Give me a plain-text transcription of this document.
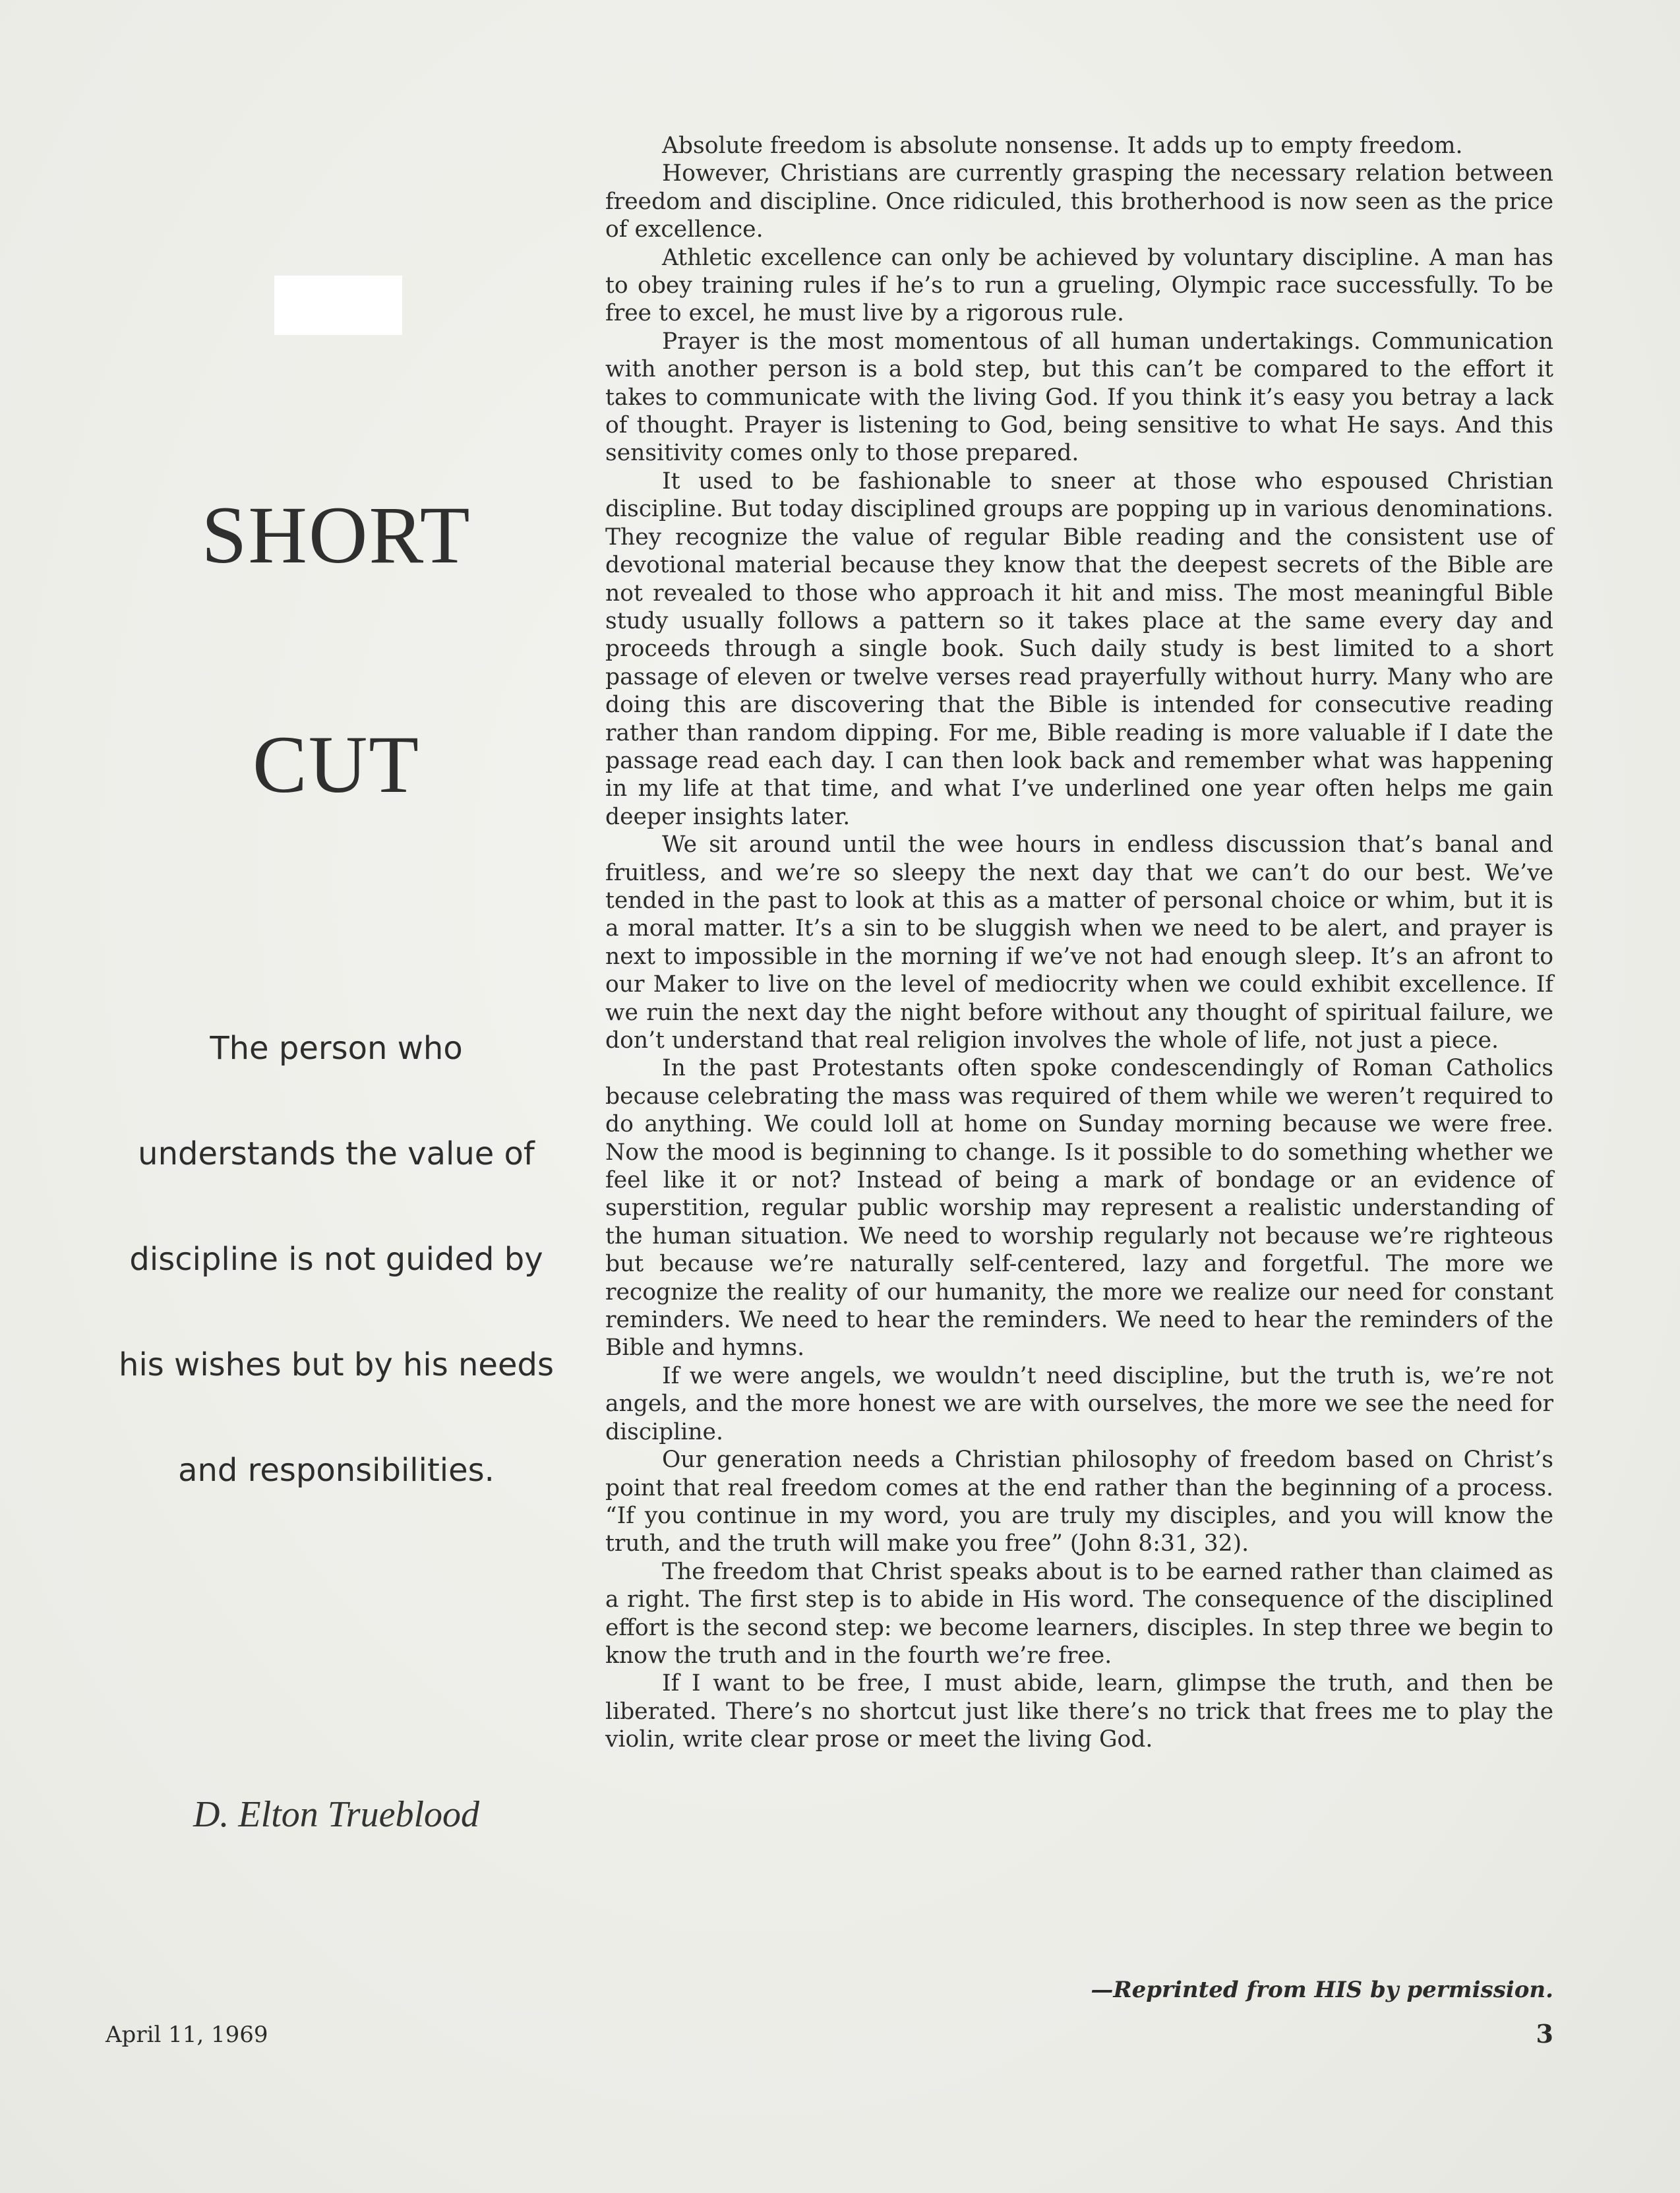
SHORT
CUT
The person who
understands the value of
discipline is not guided by
his wishes but by his needs
and responsibilities.
D. Elton Trueblood

Absolute freedom is absolute nonsense. It adds up to empty freedom.

However, Christians are currently grasping the necessary relation between freedom and discipline. Once ridiculed, this brotherhood is now seen as the price of excellence.

Athletic excellence can only be achieved by voluntary discipline. A man has to obey training rules if he’s to run a grueling, Olympic race successfully. To be free to excel, he must live by a rigorous rule.

Prayer is the most momentous of all human undertakings. Communication with another person is a bold step, but this can’t be compared to the effort it takes to communicate with the living God. If you think it’s easy you betray a lack of thought. Prayer is listening to God, being sensitive to what He says. And this sensitivity comes only to those prepared.

It used to be fashionable to sneer at those who espoused Christian discipline. But today disciplined groups are popping up in various denominations. They recognize the value of regular Bible reading and the consistent use of devotional material because they know that the deepest secrets of the Bible are not revealed to those who approach it hit and miss. The most meaningful Bible study usually follows a pattern so it takes place at the same every day and proceeds through a single book. Such daily study is best limited to a short passage of eleven or twelve verses read prayerfully without hurry. Many who are doing this are discovering that the Bible is intended for consecutive reading rather than random dipping. For me, Bible reading is more valuable if I date the passage read each day. I can then look back and remember what was happening in my life at that time, and what I’ve underlined one year often helps me gain deeper insights later.

We sit around until the wee hours in endless discussion that’s banal and fruitless, and we’re so sleepy the next day that we can’t do our best. We’ve tended in the past to look at this as a matter of personal choice or whim, but it is a moral matter. It’s a sin to be sluggish when we need to be alert, and prayer is next to impossible in the morning if we’ve not had enough sleep. It’s an afront to our Maker to live on the level of mediocrity when we could exhibit excellence. If we ruin the next day the night before without any thought of spiritual failure, we don’t understand that real religion involves the whole of life, not just a piece.

In the past Protestants often spoke condescendingly of Roman Catholics because celebrating the mass was required of them while we weren’t required to do anything. We could loll at home on Sunday morning because we were free. Now the mood is beginning to change. Is it possible to do something whether we feel like it or not? Instead of being a mark of bondage or an evidence of superstition, regular public worship may represent a realistic understanding of the human situation. We need to worship regularly not because we’re righteous but because we’re naturally self-centered, lazy and forgetful. The more we recognize the reality of our humanity, the more we realize our need for constant reminders. We need to hear the reminders. We need to hear the reminders of the Bible and hymns.

If we were angels, we wouldn’t need discipline, but the truth is, we’re not angels, and the more honest we are with ourselves, the more we see the need for discipline.

Our generation needs a Christian philosophy of freedom based on Christ’s point that real freedom comes at the end rather than the beginning of a process. “If you continue in my word, you are truly my disciples, and you will know the truth, and the truth will make you free” (John 8:31, 32).

The freedom that Christ speaks about is to be earned rather than claimed as a right. The first step is to abide in His word. The consequence of the disciplined effort is the second step: we become learners, disciples. In step three we begin to know the truth and in the fourth we’re free.

If I want to be free, I must abide, learn, glimpse the truth, and then be liberated. There’s no shortcut just like there’s no trick that frees me to play the violin, write clear prose or meet the living God.

—Reprinted from HIS by permission.
April 11, 1969	3
